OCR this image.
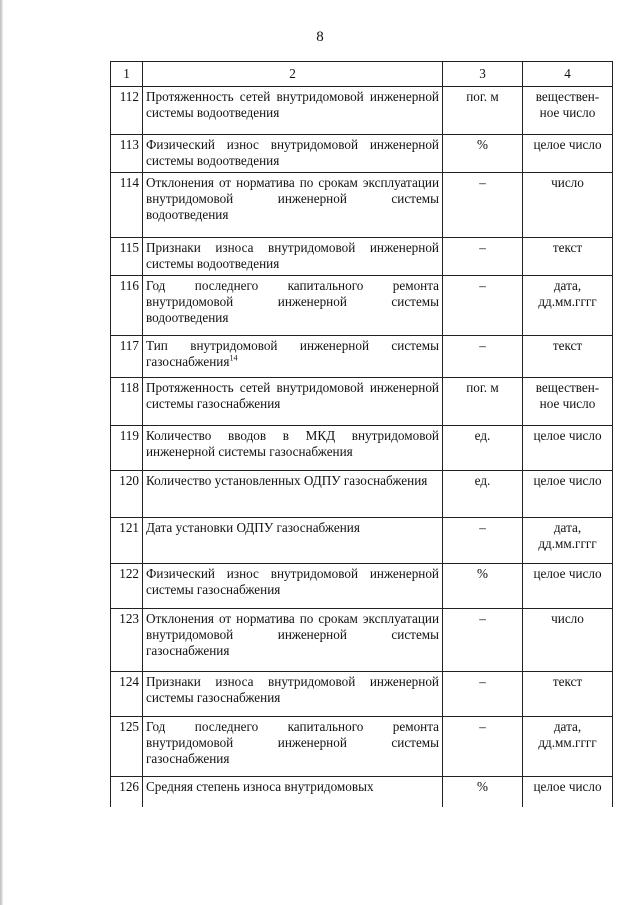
8
1	2	3	4
112	Протяженность сетей внутридомовой инженерной системы водоотведения	пог. м	веществен-ное число
113	Физический износ внутридомовой инженерной системы водоотведения	%	целое число
114	Отклонения от норматива по срокам эксплуатации внутридомовой инженерной системы водоотведения	–	число
115	Признаки износа внутридомовой инженерной системы водоотведения	–	текст
116	Год последнего капитального ремонта внутридомовой инженерной системы водоотведения	–	дата, дд.мм.гггг
117	Тип внутридомовой инженерной системы газоснабжения$^{14}$	–	текст
118	Протяженность сетей внутридомовой инженерной системы газоснабжения	пог. м	веществен-ное число
119	Количество вводов в МКД внутридомовой инженерной системы газоснабжения	ед.	целое число
120	Количество установленных ОДПУ газоснабжения	ед.	целое число
121	Дата установки ОДПУ газоснабжения	–	дата, дд.мм.гггг
122	Физический износ внутридомовой инженерной системы газоснабжения	%	целое число
123	Отклонения от норматива по срокам эксплуатации внутридомовой инженерной системы газоснабжения	–	число
124	Признаки износа внутридомовой инженерной системы газоснабжения	–	текст
125	Год последнего капитального ремонта внутридомовой инженерной системы газоснабжения	–	дата, дд.мм.гггг
126	Средняя степень износа внутридомовых	%	целое число
